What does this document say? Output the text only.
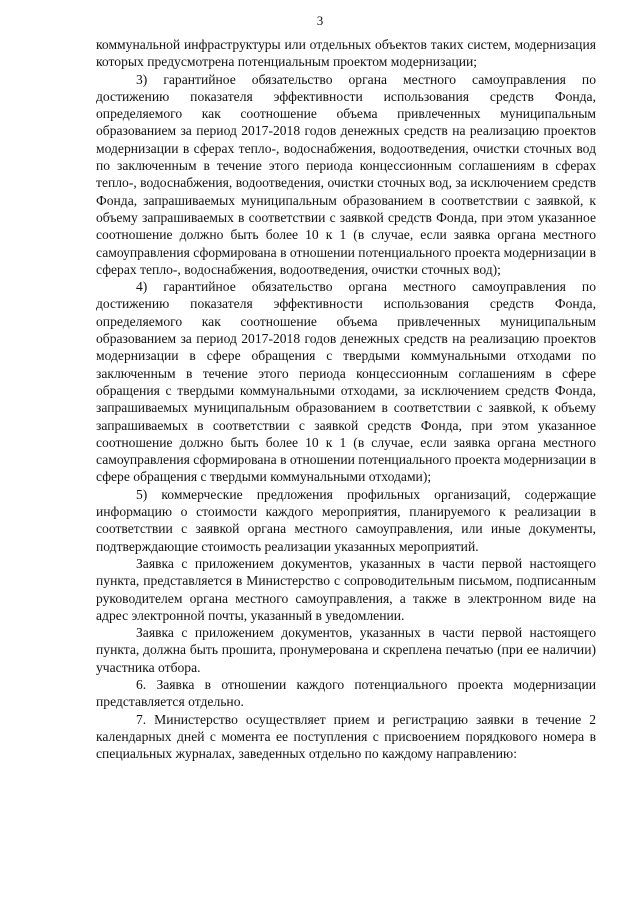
3

коммунальной инфраструктуры или отдельных объектов таких систем, модернизация которых предусмотрена потенциальным проектом модернизации;

3) гарантийное обязательство органа местного самоуправления по достижению показателя эффективности использования средств Фонда, определяемого как соотношение объема привлеченных муниципальным образованием за период 2017-2018 годов денежных средств на реализацию проектов модернизации в сферах тепло-, водоснабжения, водоотведения, очистки сточных вод по заключенным в течение этого периода концессионным соглашениям в сферах тепло-, водоснабжения, водоотведения, очистки сточных вод, за исключением средств Фонда, запрашиваемых муниципальным образованием в соответствии с заявкой, к объему запрашиваемых в соответствии с заявкой средств Фонда, при этом указанное соотношение должно быть более 10 к 1 (в случае, если заявка органа местного самоуправления сформирована в отношении потенциального проекта модернизации в сферах тепло-, водоснабжения, водоотведения, очистки сточных вод);

4) гарантийное обязательство органа местного самоуправления по достижению показателя эффективности использования средств Фонда, определяемого как соотношение объема привлеченных муниципальным образованием за период 2017-2018 годов денежных средств на реализацию проектов модернизации в сфере обращения с твердыми коммунальными отходами по заключенным в течение этого периода концессионным соглашениям в сфере обращения с твердыми коммунальными отходами, за исключением средств Фонда, запрашиваемых муниципальным образованием в соответствии с заявкой, к объему запрашиваемых в соответствии с заявкой средств Фонда, при этом указанное соотношение должно быть более 10 к 1 (в случае, если заявка органа местного самоуправления сформирована в отношении потенциального проекта модернизации в сфере обращения с твердыми коммунальными отходами);

5) коммерческие предложения профильных организаций, содержащие информацию о стоимости каждого мероприятия, планируемого к реализации в соответствии с заявкой органа местного самоуправления, или иные документы, подтверждающие стоимость реализации указанных мероприятий.

Заявка с приложением документов, указанных в части первой настоящего пункта, представляется в Министерство с сопроводительным письмом, подписанным руководителем органа местного самоуправления, а также в электронном виде на адрес электронной почты, указанный в уведомлении.

Заявка с приложением документов, указанных в части первой настоящего пункта, должна быть прошита, пронумерована и скреплена печатью (при ее наличии) участника отбора.

6. Заявка в отношении каждого потенциального проекта модернизации представляется отдельно.

7. Министерство осуществляет прием и регистрацию заявки в течение 2 календарных дней с момента ее поступления с присвоением порядкового номера в специальных журналах, заведенных отдельно по каждому направлению:
